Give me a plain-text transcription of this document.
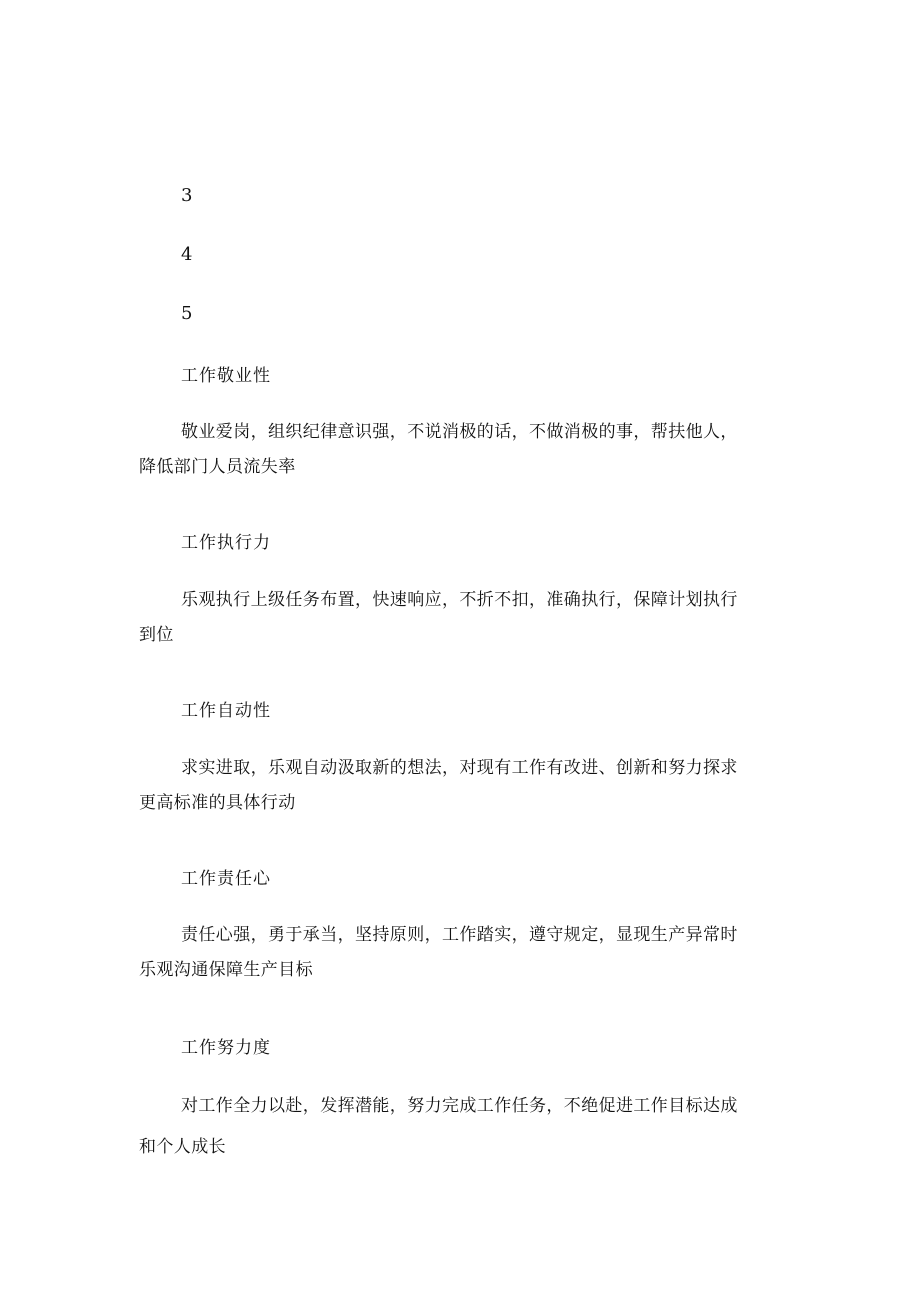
3

4

5

工作敬业性

敬业爱岗，组织纪律意识强，不说消极的话，不做消极的事，帮扶他人，
降低部门人员流失率

工作执行力

乐观执行上级任务布置，快速响应，不折不扣，准确执行，保障计划执行
到位

工作自动性

求实进取，乐观自动汲取新的想法，对现有工作有改进、创新和努力探求
更高标准的具体行动

工作责任心

责任心强，勇于承当，坚持原则，工作踏实，遵守规定，显现生产异常时
乐观沟通保障生产目标

工作努力度

对工作全力以赴，发挥潜能，努力完成工作任务，不绝促进工作目标达成
和个人成长
